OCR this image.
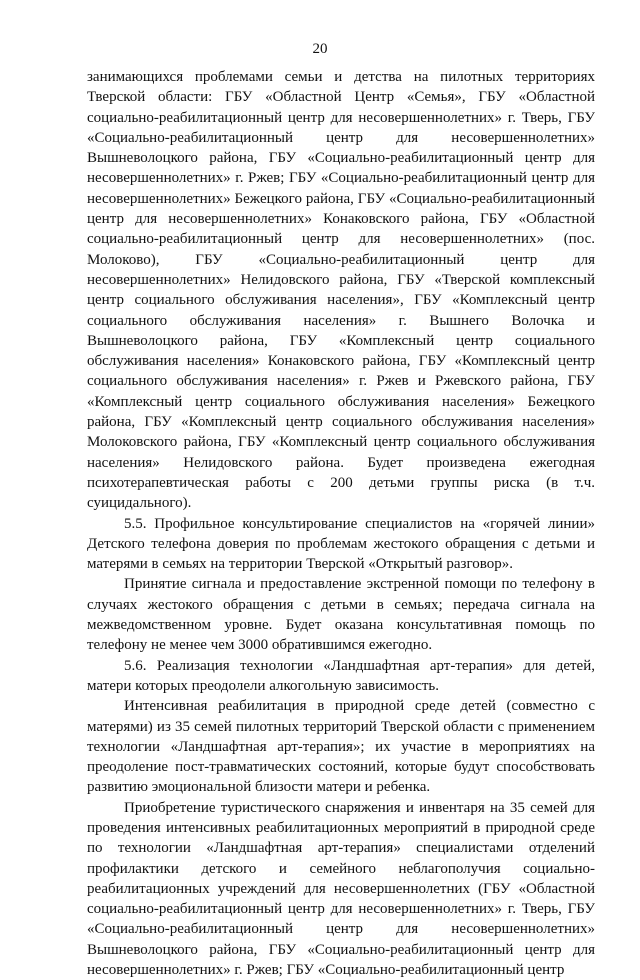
20

занимающихся проблемами семьи и детства на пилотных территориях Тверской области: ГБУ «Областной Центр «Семья», ГБУ «Областной социально-реабилитационный центр для несовершеннолетних» г. Тверь, ГБУ «Социально-реабилитационный центр для несовершеннолетних» Вышневолоцкого района, ГБУ «Социально-реабилитационный центр для несовершеннолетних» г. Ржев; ГБУ «Социально-реабилитационный центр для несовершеннолетних» Бежецкого района, ГБУ «Социально-реабилитационный центр для несовершеннолетних» Конаковского района, ГБУ «Областной социально-реабилитационный центр для несовершеннолетних» (пос. Молоково), ГБУ «Социально-реабилитационный центр для несовершеннолетних» Нелидовского района, ГБУ «Тверской комплексный центр социального обслуживания населения», ГБУ «Комплексный центр социального обслуживания населения» г. Вышнего Волочка и Вышневолоцкого района, ГБУ «Комплексный центр социального обслуживания населения» Конаковского района, ГБУ «Комплексный центр социального обслуживания населения» г. Ржев и Ржевского района, ГБУ «Комплексный центр социального обслуживания населения» Бежецкого района, ГБУ «Комплексный центр социального обслуживания населения» Молоковского района, ГБУ «Комплексный центр социального обслуживания населения» Нелидовского района. Будет произведена ежегодная психотерапевтическая работы с 200 детьми группы риска (в т.ч. суицидального).

5.5. Профильное консультирование специалистов на «горячей линии» Детского телефона доверия по проблемам жестокого обращения с детьми и матерями в семьях на территории Тверской «Открытый разговор».

Принятие сигнала и предоставление экстренной помощи по телефону в случаях жестокого обращения с детьми в семьях; передача сигнала на межведомственном уровне. Будет оказана консультативная помощь по телефону не менее чем 3000 обратившимся ежегодно.

5.6. Реализация технологии «Ландшафтная арт-терапия» для детей, матери которых преодолели алкогольную зависимость.

Интенсивная реабилитация в природной среде детей (совместно с матерями) из 35 семей пилотных территорий Тверской области с применением технологии «Ландшафтная арт-терапия»; их участие в мероприятиях на преодоление пост-травматических состояний, которые будут способствовать развитию эмоциональной близости матери и ребенка.

Приобретение туристического снаряжения и инвентаря на 35 семей для проведения интенсивных реабилитационных мероприятий в природной среде по технологии «Ландшафтная арт-терапия» специалистами отделений профилактики детского и семейного неблагополучия социально-реабилитационных учреждений для несовершеннолетних (ГБУ «Областной социально-реабилитационный центр для несовершеннолетних» г. Тверь, ГБУ «Социально-реабилитационный центр для несовершеннолетних» Вышневолоцкого района, ГБУ «Социально-реабилитационный центр для несовершеннолетних» г. Ржев; ГБУ «Социально-реабилитационный центр
